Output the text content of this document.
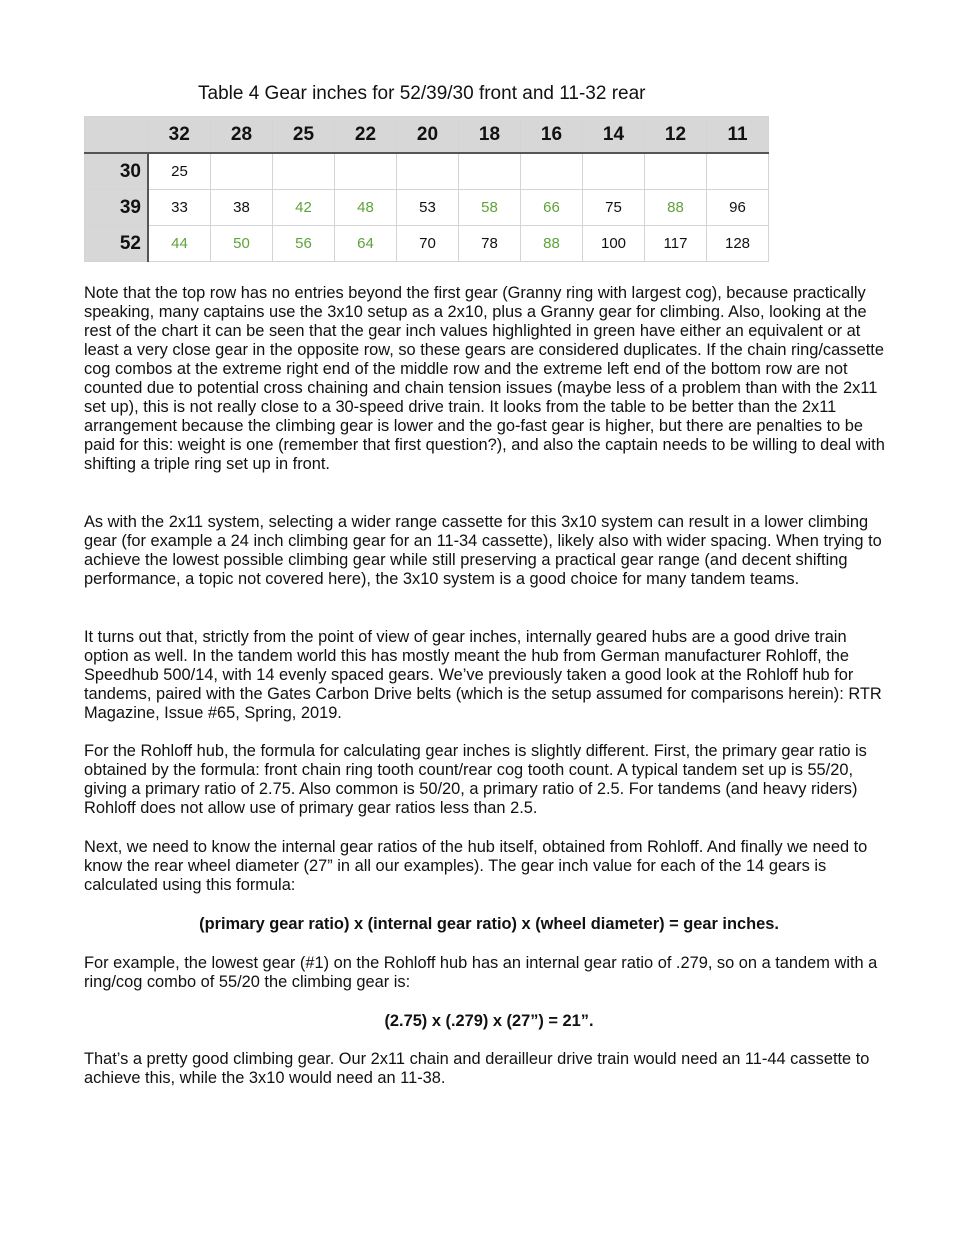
Table 4 Gear inches for 52/39/30 front and 11-32 rear
	32	28	25	22	20	18	16	14	12	11
30	25									
39	33	38	42	48	53	58	66	75	88	96
52	44	50	56	64	70	78	88	100	117	128

Note that the top row has no entries beyond the first gear (Granny ring with largest cog), because practically speaking, many captains use the 3x10 setup as a 2x10, plus a Granny gear for climbing. Also, looking at the rest of the chart it can be seen that the gear inch values highlighted in green have either an equivalent or at least a very close gear in the opposite row, so these gears are considered duplicates. If the chain ring/cassette cog combos at the extreme right end of the middle row and the extreme left end of the bottom row are not counted due to potential cross chaining and chain tension issues (maybe less of a problem than with the 2x11 set up), this is not really close to a 30-speed drive train. It looks from the table to be better than the 2x11 arrangement because the climbing gear is lower and the go-fast gear is higher, but there are penalties to be paid for this: weight is one (remember that first question?), and also the captain needs to be willing to deal with shifting a triple ring set up in front.

As with the 2x11 system, selecting a wider range cassette for this 3x10 system can result in a lower climbing gear (for example a 24 inch climbing gear for an 11-34 cassette), likely also with wider spacing. When trying to achieve the lowest possible climbing gear while still preserving a practical gear range (and decent shifting performance, a topic not covered here), the 3x10 system is a good choice for many tandem teams.

It turns out that, strictly from the point of view of gear inches, internally geared hubs are a good drive train option as well. In the tandem world this has mostly meant the hub from German manufacturer Rohloff, the Speedhub 500/14, with 14 evenly spaced gears. We’ve previously taken a good look at the Rohloff hub for tandems, paired with the Gates Carbon Drive belts (which is the setup assumed for comparisons herein): RTR Magazine, Issue #65, Spring, 2019.

For the Rohloff hub, the formula for calculating gear inches is slightly different. First, the primary gear ratio is obtained by the formula: front chain ring tooth count/rear cog tooth count. A typical tandem set up is 55/20, giving a primary ratio of 2.75. Also common is 50/20, a primary ratio of 2.5. For tandems (and heavy riders) Rohloff does not allow use of primary gear ratios less than 2.5.

Next, we need to know the internal gear ratios of the hub itself, obtained from Rohloff. And finally we need to know the rear wheel diameter (27” in all our examples). The gear inch value for each of the 14 gears is calculated using this formula:

(primary gear ratio) x (internal gear ratio) x (wheel diameter) = gear inches.

For example, the lowest gear (#1) on the Rohloff hub has an internal gear ratio of .279, so on a tandem with a ring/cog combo of 55/20 the climbing gear is:

(2.75) x (.279) x (27”) = 21”.

That’s a pretty good climbing gear. Our 2x11 chain and derailleur drive train would need an 11-44 cassette to achieve this, while the 3x10 would need an 11-38.
